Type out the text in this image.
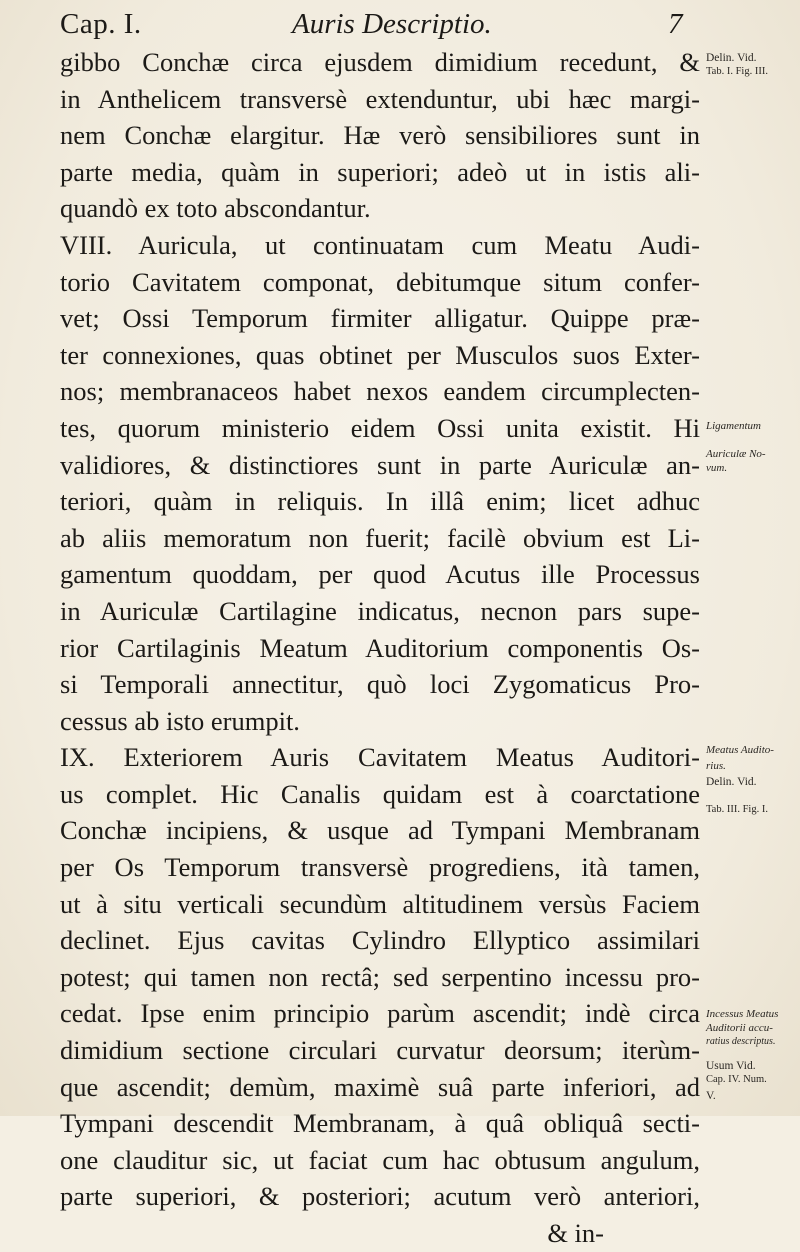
Cap. I.	Auris Descriptio.	7
gibbo Conchæ circa ejusdem dimidium recedunt, &
in Anthelicem transversè extenduntur, ubi hæc margi-
nem Conchæ elargitur. Hæ verò sensibiliores sunt in
parte media, quàm in superiori; adeò ut in istis ali-
quandò ex toto abscondantur.
VIII. Auricula, ut continuatam cum Meatu Audi-
torio Cavitatem componat, debitumque situm confer-
vet; Ossi Temporum firmiter alligatur. Quippe præ-
ter connexiones, quas obtinet per Musculos suos Exter-
nos; membranaceos habet nexos eandem circumplecten-
tes, quorum ministerio eidem Ossi unita existit. Hi
validiores, & distinctiores sunt in parte Auriculæ an-
teriori, quàm in reliquis. In illâ enim; licet adhuc
ab aliis memoratum non fuerit; facilè obvium est Li-
gamentum quoddam, per quod Acutus ille Processus
in Auriculæ Cartilagine indicatus, necnon pars supe-
rior Cartilaginis Meatum Auditorium componentis Os-
si Temporali annectitur, quò loci Zygomaticus Pro-
cessus ab isto erumpit.
IX. Exteriorem Auris Cavitatem Meatus Auditori-
us complet. Hic Canalis quidam est à coarctatione
Conchæ incipiens, & usque ad Tympani Membranam
per Os Temporum transversè progrediens, ità tamen,
ut à situ verticali secundùm altitudinem versùs Faciem
declinet. Ejus cavitas Cylindro Ellyptico assimilari
potest; qui tamen non rectâ; sed serpentino incessu pro-
cedat. Ipse enim principio parùm ascendit; indè circa
dimidium sectione circulari curvatur deorsum; iterùm-
que ascendit; demùm, maximè suâ parte inferiori, ad
Tympani descendit Membranam, à quâ obliquâ secti-
one clauditur sic, ut faciat cum hac obtusum angulum,
parte superiori, & posteriori; acutum verò anteriori,
& in-
Delin. Vid.
Tab. I. Fig. III.
Ligamentum
Auriculæ No-
vum.
Meatus Audito-
rius.
Delin. Vid.
Tab. III. Fig. I.
Incessus Meatus
Auditorii accu-
ratius descriptus.
Usum Vid.
Cap. IV. Num.
V.
